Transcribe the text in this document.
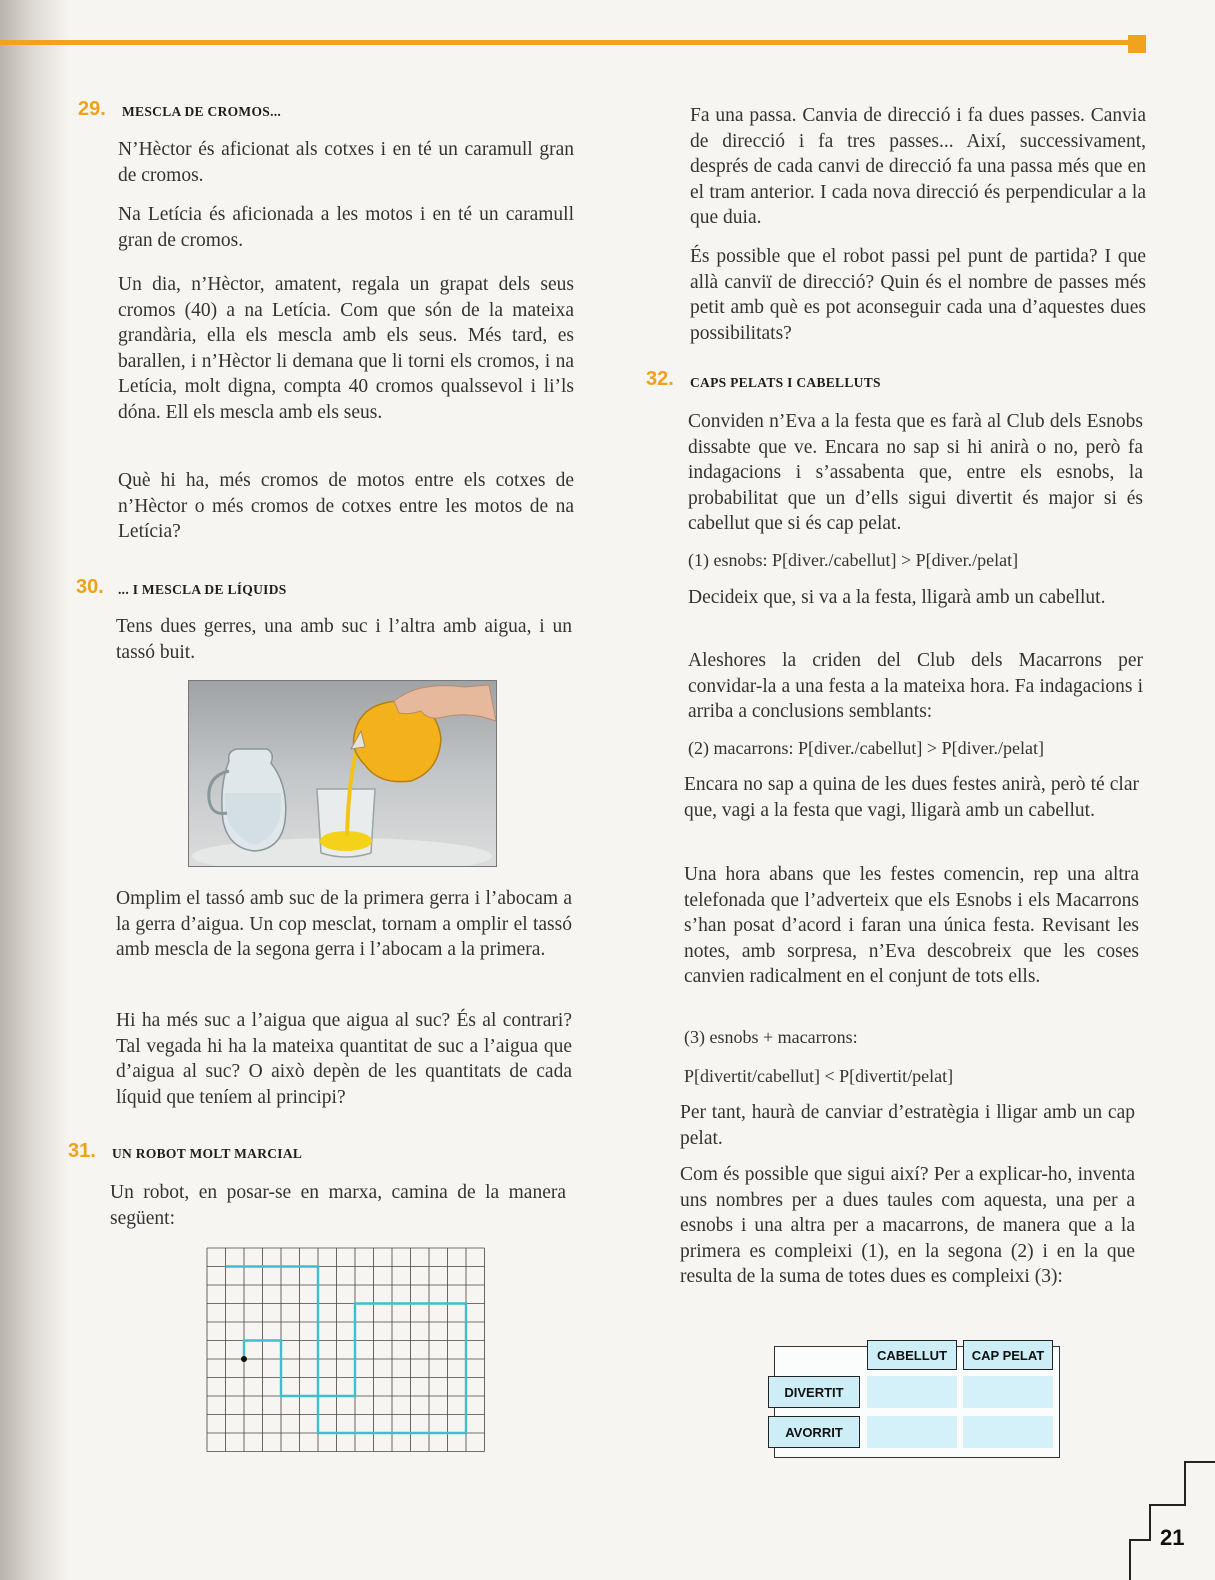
29. MESCLA DE CROMOS...

N’Hèctor és aficionat als cotxes i en té un caramull gran de cromos.

Na Letícia és aficionada a les motos i en té un caramull gran de cromos.

Un dia, n’Hèctor, amatent, regala un grapat dels seus cromos (40) a na Letícia. Com que són de la mateixa grandària, ella els mescla amb els seus. Més tard, es barallen, i n’Hèctor li demana que li torni els cromos, i na Letícia, molt digna, compta 40 cromos qualssevol i li’ls dóna. Ell els mescla amb els seus.

Què hi ha, més cromos de motos entre els cotxes de n’Hèctor o més cromos de cotxes entre les motos de na Letícia?

30. ... I MESCLA DE LÍQUIDS

Tens dues gerres, una amb suc i l’altra amb aigua, i un tassó buit.

Omplim el tassó amb suc de la primera gerra i l’abocam a la gerra d’aigua. Un cop mesclat, tornam a omplir el tassó amb mescla de la segona gerra i l’abocam a la primera.

Hi ha més suc a l’aigua que aigua al suc? És al contrari? Tal vegada hi ha la mateixa quantitat de suc a l’aigua que d’aigua al suc? O això depèn de les quantitats de cada líquid que teníem al principi?

31. UN ROBOT MOLT MARCIAL

Un robot, en posar-se en marxa, camina de la manera següent:

Fa una passa. Canvia de direcció i fa dues passes. Canvia de direcció i fa tres passes... Així, successivament, després de cada canvi de direcció fa una passa més que en el tram anterior. I cada nova direcció és perpendicular a la que duia.

És possible que el robot passi pel punt de partida? I que allà canviï de direcció? Quin és el nombre de passes més petit amb què es pot aconseguir cada una d’aquestes dues possibilitats?

32. CAPS PELATS I CABELLUTS

Conviden n’Eva a la festa que es farà al Club dels Esnobs dissabte que ve. Encara no sap si hi anirà o no, però fa indagacions i s’assabenta que, entre els esnobs, la probabilitat que un d’ells sigui divertit és major si és cabellut que si és cap pelat.

(1) esnobs: P[diver./cabellut] > P[diver./pelat]

Decideix que, si va a la festa, lligarà amb un cabellut.

Aleshores la criden del Club dels Macarrons per convidar-la a una festa a la mateixa hora. Fa indagacions i arriba a conclusions semblants:

(2) macarrons: P[diver./cabellut] > P[diver./pelat]

Encara no sap a quina de les dues festes anirà, però té clar que, vagi a la festa que vagi, lligarà amb un cabellut.

Una hora abans que les festes comencin, rep una altra telefonada que l’adverteix que els Esnobs i els Macarrons s’han posat d’acord i faran una única festa. Revisant les notes, amb sorpresa, n’Eva descobreix que les coses canvien radicalment en el conjunt de tots ells.

(3) esnobs + macarrons:

P[divertit/cabellut] < P[divertit/pelat]

Per tant, haurà de canviar d’estratègia i lligar amb un cap pelat.

Com és possible que sigui així? Per a explicar-ho, inventa uns nombres per a dues taules com aquesta, una per a esnobs i una altra per a macarrons, de manera que a la primera es compleixi (1), en la segona (2) i en la que resulta de la suma de totes dues es compleixi (3):

CABELLUT	CAP PELAT
DIVERTIT
AVORRIT
21
